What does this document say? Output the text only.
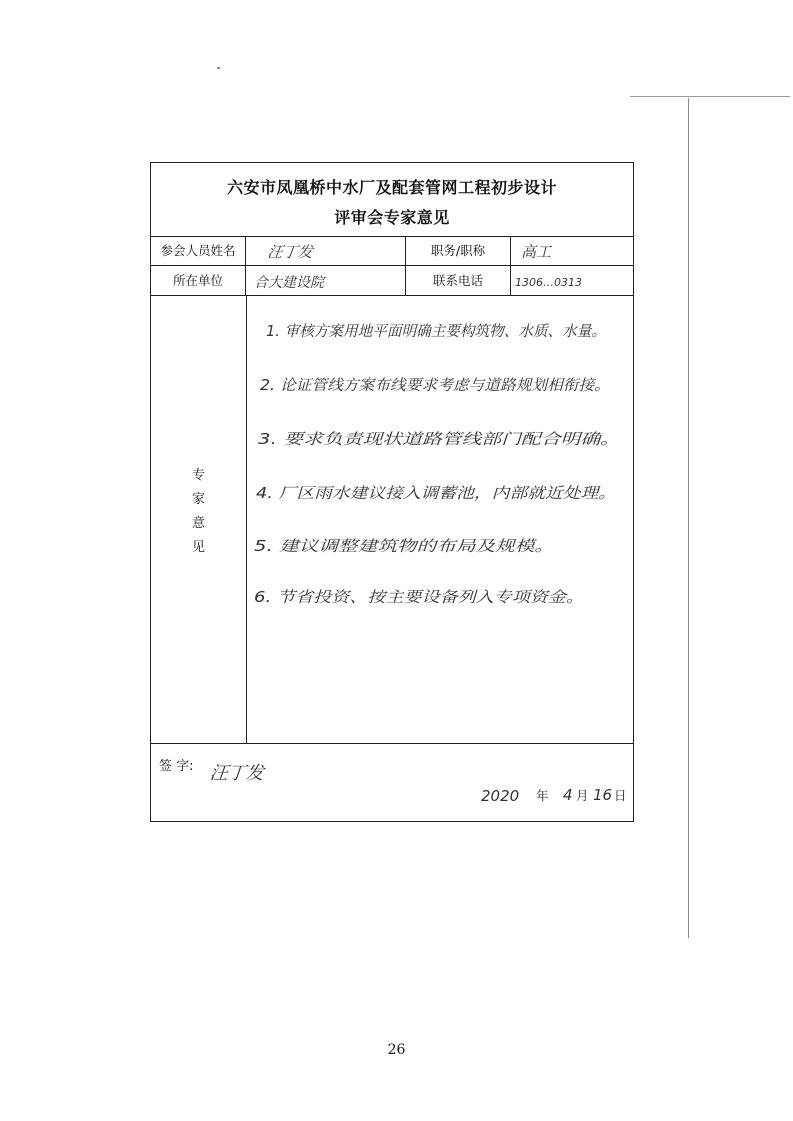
六安市凤凰桥中水厂及配套管网工程初步设计
评审会专家意见
参会人员姓名	汪丁发	职务/职称	高工
所在单位	合大建设院	联系电话	1306…0313
专
家
意
见
1. 审核方案用地平面明确主要构筑物、水质、水量。
2. 论证管线方案布线要求考虑与道路规划相衔接。
3. 要求负责现状道路管线部门配合明确。
4. 厂区雨水建议接入调蓄池，内部就近处理。
5. 建议调整建筑物的布局及规模。
6. 节省投资、按主要设备列入专项资金。
签 字: 汪丁发
2020 年 4 月 16 日
26
